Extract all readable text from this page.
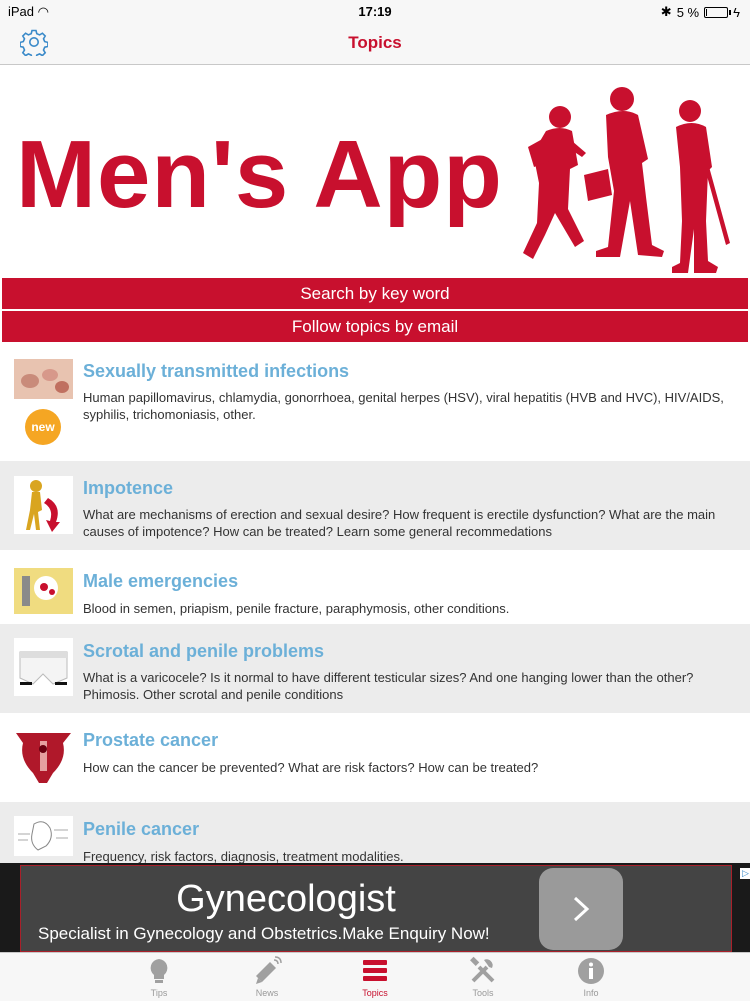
iPad ◠	17:19	✱ 5 %	ϟ
Topics
Men's App
Search by key word
Follow topics by email
new
Sexually transmitted infections
Human papillomavirus, chlamydia, gonorrhoea, genital herpes (HSV), viral hepatitis (HVB and HVC), HIV/AIDS, syphilis, trichomoniasis, other.
Impotence
What are mechanisms of erection and sexual desire? How frequent is erectile dysfunction? What are the main causes of impotence? How can be treated? Learn some general recommedations
Male emergencies
Blood in semen, priapism, penile fracture, paraphymosis, other conditions.
Scrotal and penile problems
What is a varicocele? Is it normal to have different testicular sizes? And one hanging lower than the other? Phimosis. Other scrotal and penile conditions
Prostate cancer
How can the cancer be prevented? What are risk factors? How can be treated?
Penile cancer
Frequency, risk factors, diagnosis, treatment modalities.
Gynecologist
Specialist in Gynecology and Obstetrics.Make Enquiry Now!
▷
Tips	News	Topics	Tools	Info
